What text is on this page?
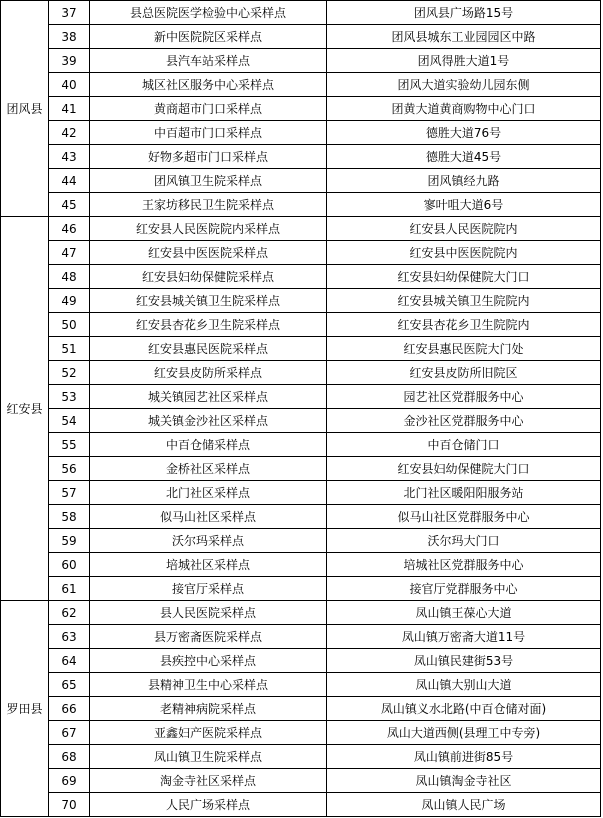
团风县	37	县总医院医学检验中心采样点	团风县广场路15号
	38	新中医院院区采样点	团风县城东工业园园区中路
	39	县汽车站采样点	团风得胜大道1号
	40	城区社区服务中心采样点	团风大道实验幼儿园东侧
	41	黄商超市门口采样点	团黄大道黄商购物中心门口
	42	中百超市门口采样点	德胜大道76号
	43	好物多超市门口采样点	德胜大道45号
	44	团风镇卫生院采样点	团风镇经九路
	45	王家坊移民卫生院采样点	寥叶咀大道6号
红安县	46	红安县人民医院院内采样点	红安县人民医院院内
	47	红安县中医医院采样点	红安县中医医院院内
	48	红安县妇幼保健院采样点	红安县妇幼保健院大门口
	49	红安县城关镇卫生院采样点	红安县城关镇卫生院院内
	50	红安县杏花乡卫生院采样点	红安县杏花乡卫生院院内
	51	红安县惠民医院采样点	红安县惠民医院大门处
	52	红安县皮防所采样点	红安县皮防所旧院区
	53	城关镇园艺社区采样点	园艺社区党群服务中心
	54	城关镇金沙社区采样点	金沙社区党群服务中心
	55	中百仓储采样点	中百仓储门口
	56	金桥社区采样点	红安县妇幼保健院大门口
	57	北门社区采样点	北门社区暖阳阳服务站
	58	似马山社区采样点	似马山社区党群服务中心
	59	沃尔玛采样点	沃尔玛大门口
	60	培城社区采样点	培城社区党群服务中心
	61	接官厅采样点	接官厅党群服务中心
罗田县	62	县人民医院采样点	凤山镇王葆心大道
	63	县万密斋医院采样点	凤山镇万密斋大道11号
	64	县疾控中心采样点	凤山镇民建街53号
	65	县精神卫生中心采样点	凤山镇大别山大道
	66	老精神病院采样点	凤山镇义水北路(中百仓储对面)
	67	亚鑫妇产医院采样点	凤山大道西侧(县理工中专旁)
	68	凤山镇卫生院采样点	凤山镇前进街85号
	69	淘金寺社区采样点	凤山镇淘金寺社区
	70	人民广场采样点	凤山镇人民广场
